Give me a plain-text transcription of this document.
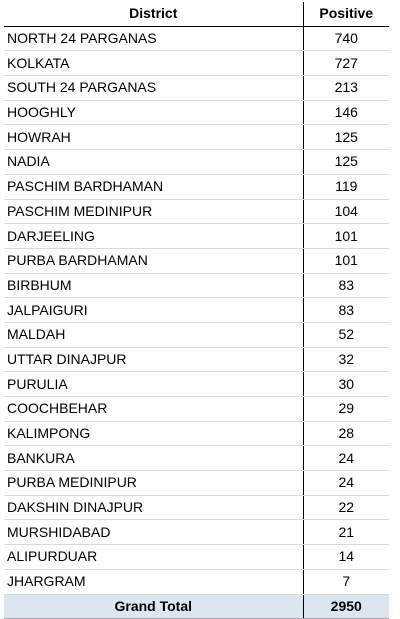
District	Positive
NORTH 24 PARGANAS	740
KOLKATA	727
SOUTH 24 PARGANAS	213
HOOGHLY	146
HOWRAH	125
NADIA	125
PASCHIM BARDHAMAN	119
PASCHIM MEDINIPUR	104
DARJEELING	101
PURBA BARDHAMAN	101
BIRBHUM	83
JALPAIGURI	83
MALDAH	52
UTTAR DINAJPUR	32
PURULIA	30
COOCHBEHAR	29
KALIMPONG	28
BANKURA	24
PURBA MEDINIPUR	24
DAKSHIN DINAJPUR	22
MURSHIDABAD	21
ALIPURDUAR	14
JHARGRAM	7
Grand Total	2950
